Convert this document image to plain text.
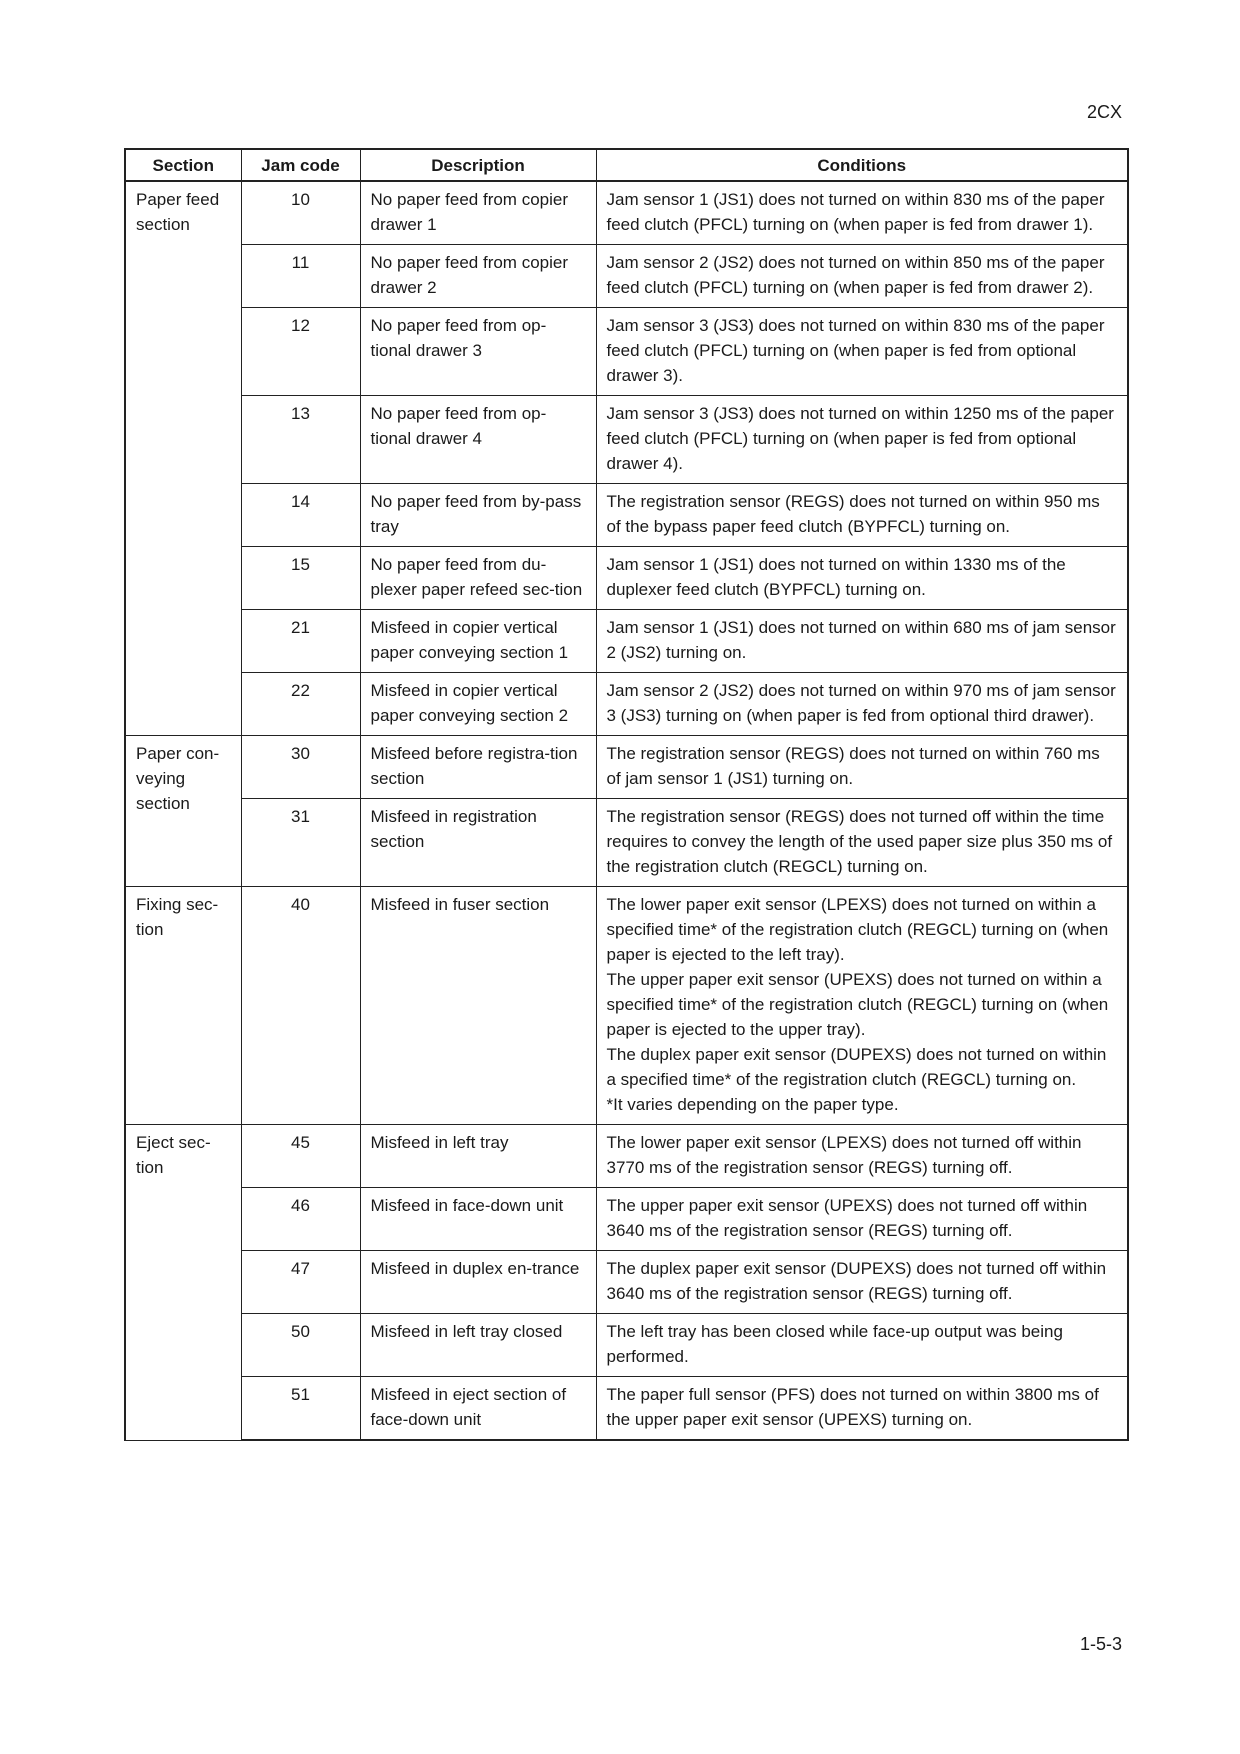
2CX
Section	Jam code	Description	Conditions
Paper feed section	10	No paper feed from copier drawer 1	Jam sensor 1 (JS1) does not turned on within 830 ms of the paper feed clutch (PFCL) turning on (when paper is fed from drawer 1).

	11	No paper feed from copier drawer 2	Jam sensor 2 (JS2) does not turned on within 850 ms of the paper feed clutch (PFCL) turning on (when paper is fed from drawer 2).

	12	No paper feed from op-tional drawer 3	Jam sensor 3 (JS3) does not turned on within 830 ms of the paper feed clutch (PFCL) turning on (when paper is fed from optional drawer 3).

	13	No paper feed from op-tional drawer 4	Jam sensor 3 (JS3) does not turned on within 1250 ms of the paper feed clutch (PFCL) turning on (when paper is fed from optional drawer 4).

	14	No paper feed from by-pass tray	The registration sensor (REGS) does not turned on within 950 ms of the bypass paper feed clutch (BYPFCL) turning on.

	15	No paper feed from du-plexer paper refeed sec-tion	Jam sensor 1 (JS1) does not turned on within 1330 ms of the duplexer feed clutch (BYPFCL) turning on.

	21	Misfeed in copier vertical paper conveying section 1	Jam sensor 1 (JS1) does not turned on within 680 ms of jam sensor 2 (JS2) turning on.

	22	Misfeed in copier vertical paper conveying section 2	Jam sensor 2 (JS2) does not turned on within 970 ms of jam sensor 3 (JS3) turning on (when paper is fed from optional third drawer).

Paper con-veying section	30	Misfeed before registra-tion section	The registration sensor (REGS) does not turned on within 760 ms of jam sensor 1 (JS1) turning on.

	31	Misfeed in registration section	The registration sensor (REGS) does not turned off within the time requires to convey the length of the used paper size plus 350 ms of the registration clutch (REGCL) turning on.

Fixing sec-tion	40	Misfeed in fuser section	The lower paper exit sensor (LPEXS) does not turned on within a specified time* of the registration clutch (REGCL) turning on (when paper is ejected to the left tray).
The upper paper exit sensor (UPEXS) does not turned on within a specified time* of the registration clutch (REGCL) turning on (when paper is ejected to the upper tray).
The duplex paper exit sensor (DUPEXS) does not turned on within a specified time* of the registration clutch (REGCL) turning on.
*It varies depending on the paper type.

Eject sec-tion	45	Misfeed in left tray	The lower paper exit sensor (LPEXS) does not turned off within 3770 ms of the registration sensor (REGS) turning off.

	46	Misfeed in face-down unit	The upper paper exit sensor (UPEXS) does not turned off within 3640 ms of the registration sensor (REGS) turning off.

	47	Misfeed in duplex en-trance	The duplex paper exit sensor (DUPEXS) does not turned off within 3640 ms of the registration sensor (REGS) turning off.

	50	Misfeed in left tray closed	The left tray has been closed while face-up output was being performed.

	51	Misfeed in eject section of face-down unit	The paper full sensor (PFS) does not turned on within 3800 ms of the upper paper exit sensor (UPEXS) turning on.
1-5-3
